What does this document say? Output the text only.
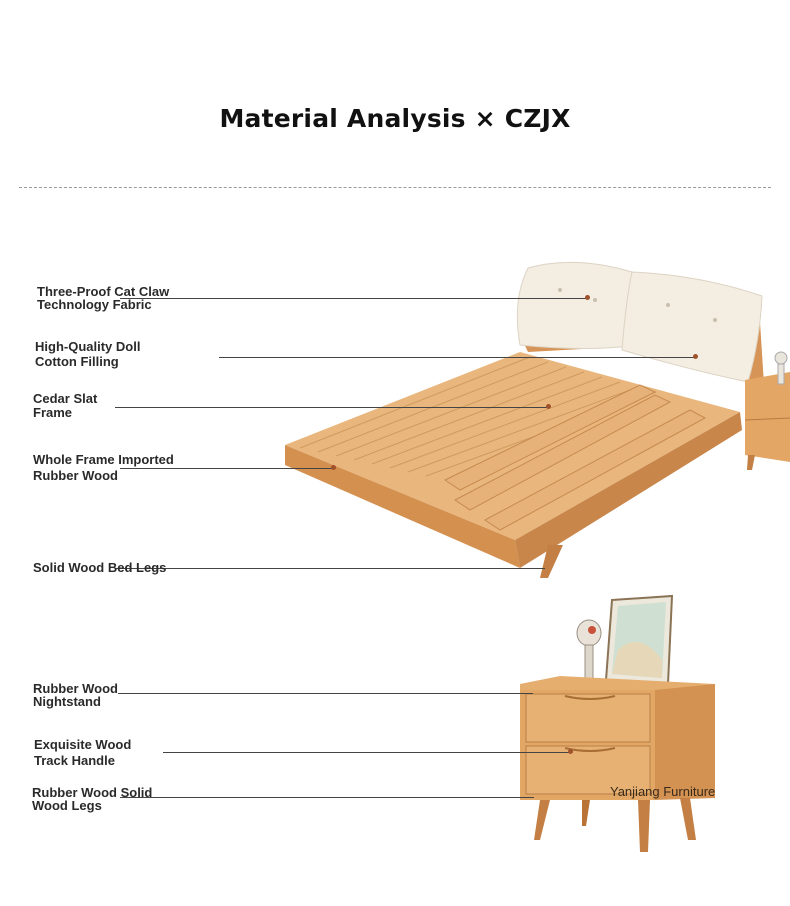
Material Analysis × CZJX
Three-Proof Cat Claw
Technology Fabric
High-Quality Doll
Cotton Filling
Cedar Slat
Frame
Whole Frame Imported
Rubber Wood
Solid Wood Bed Legs
Rubber Wood
Nightstand
Exquisite Wood
Track Handle
Rubber Wood Solid
Wood Legs
Yanjiang Furniture
